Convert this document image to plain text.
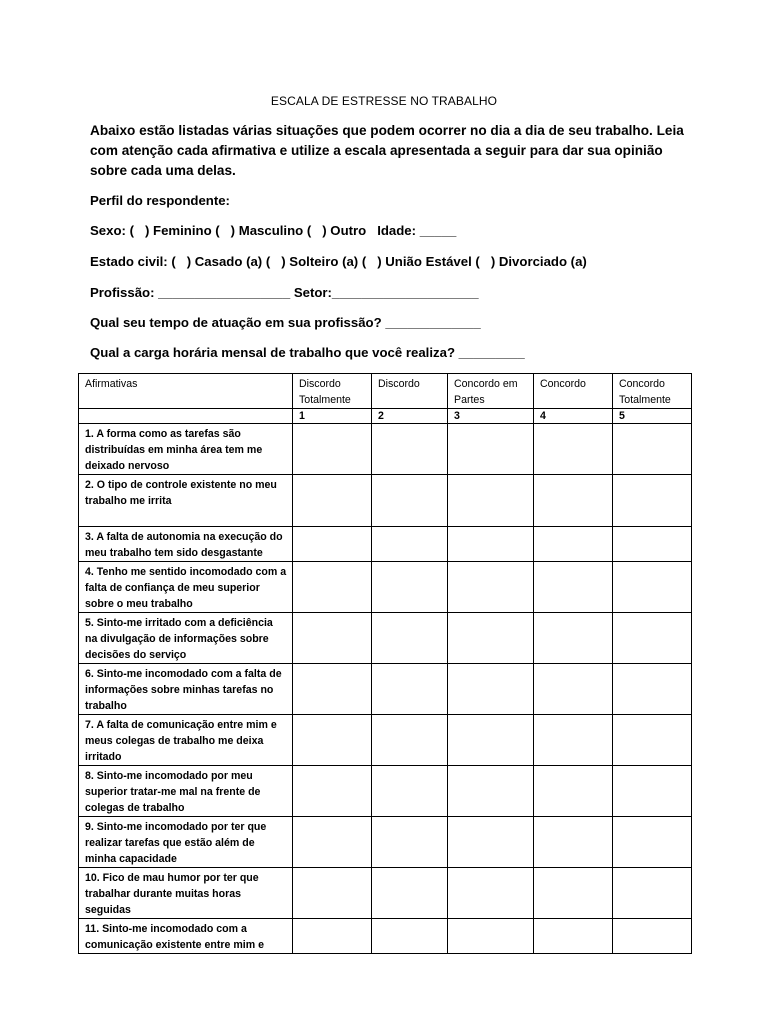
ESCALA DE ESTRESSE NO TRABALHO
Abaixo estão listadas várias situações que podem ocorrer no dia a dia de seu trabalho. Leia com atenção cada afirmativa e utilize a escala apresentada a seguir para dar sua opinião sobre cada uma delas.
Perfil do respondente:
Sexo: (   ) Feminino (   ) Masculino (   ) Outro   Idade: _____
Estado civil: (   ) Casado (a) (   ) Solteiro (a) (   ) União Estável (   ) Divorciado (a)
Profissão: __________________ Setor:____________________
Qual seu tempo de atuação em sua profissão? _____________
Qual a carga horária mensal de trabalho que você realiza? _________
Afirmativas	Discordo Totalmente	Discordo	Concordo em Partes	Concordo	Concordo Totalmente
	1	2	3	4	5
1. A forma como as tarefas são distribuídas em minha área tem me deixado nervoso					
2. O tipo de controle existente no meu trabalho me irrita					
3. A falta de autonomia na execução do meu trabalho tem sido desgastante					
4. Tenho me sentido incomodado com a falta de confiança de meu superior sobre o meu trabalho					
5. Sinto-me irritado com a deficiência na divulgação de informações sobre decisões do serviço					
6. Sinto-me incomodado com a falta de informações sobre minhas tarefas no trabalho					
7. A falta de comunicação entre mim e meus colegas de trabalho me deixa irritado					
8. Sinto-me incomodado por meu superior tratar-me mal na frente de colegas de trabalho					
9. Sinto-me incomodado por ter que realizar tarefas que estão além de minha capacidade					
10. Fico de mau humor por ter que trabalhar durante muitas horas seguidas					
11. Sinto-me incomodado com a comunicação existente entre mim e					
